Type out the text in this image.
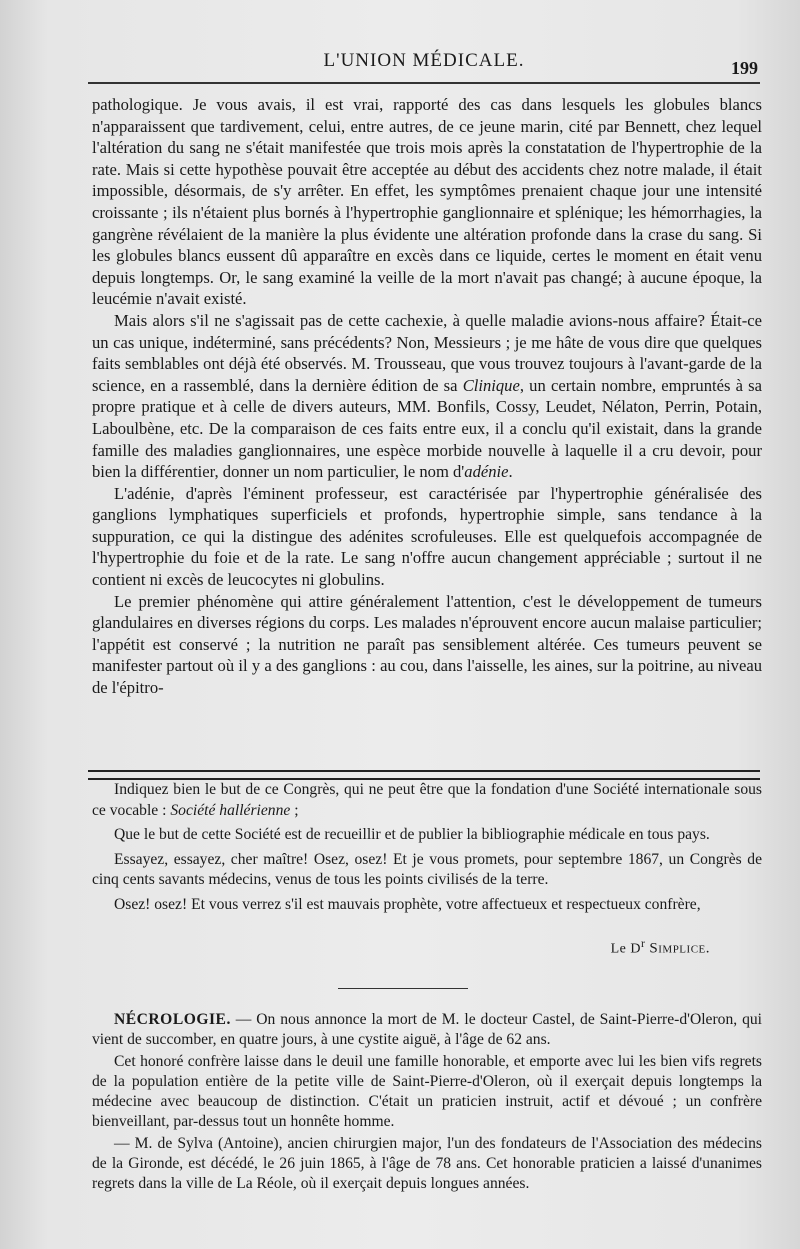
L'UNION MÉDICALE.	199

pathologique. Je vous avais, il est vrai, rapporté des cas dans lesquels les globules blancs n'apparaissent que tardivement, celui, entre autres, de ce jeune marin, cité par Bennett, chez lequel l'altération du sang ne s'était manifestée que trois mois après la constatation de l'hypertrophie de la rate. Mais si cette hypothèse pouvait être acceptée au début des accidents chez notre malade, il était impossible, désormais, de s'y arrêter. En effet, les symptômes prenaient chaque jour une intensité croissante ; ils n'étaient plus bornés à l'hypertrophie ganglionnaire et splénique; les hémorrhagies, la gangrène révélaient de la manière la plus évidente une altération profonde dans la crase du sang. Si les globules blancs eussent dû apparaître en excès dans ce liquide, certes le moment en était venu depuis longtemps. Or, le sang examiné la veille de la mort n'avait pas changé; à aucune époque, la leucémie n'avait existé.

Mais alors s'il ne s'agissait pas de cette cachexie, à quelle maladie avions-nous affaire? Était-ce un cas unique, indéterminé, sans précédents? Non, Messieurs ; je me hâte de vous dire que quelques faits semblables ont déjà été observés. M. Trousseau, que vous trouvez toujours à l'avant-garde de la science, en a rassemblé, dans la dernière édition de sa Clinique, un certain nombre, empruntés à sa propre pratique et à celle de divers auteurs, MM. Bonfils, Cossy, Leudet, Nélaton, Perrin, Potain, Laboulbène, etc. De la comparaison de ces faits entre eux, il a conclu qu'il existait, dans la grande famille des maladies ganglionnaires, une espèce morbide nouvelle à laquelle il a cru devoir, pour bien la différentier, donner un nom particulier, le nom d'adénie.

L'adénie, d'après l'éminent professeur, est caractérisée par l'hypertrophie généralisée des ganglions lymphatiques superficiels et profonds, hypertrophie simple, sans tendance à la suppuration, ce qui la distingue des adénites scrofuleuses. Elle est quelquefois accompagnée de l'hypertrophie du foie et de la rate. Le sang n'offre aucun changement appréciable ; surtout il ne contient ni excès de leucocytes ni globulins.

Le premier phénomène qui attire généralement l'attention, c'est le développement de tumeurs glandulaires en diverses régions du corps. Les malades n'éprouvent encore aucun malaise particulier; l'appétit est conservé ; la nutrition ne paraît pas sensiblement altérée. Ces tumeurs peuvent se manifester partout où il y a des ganglions : au cou, dans l'aisselle, les aines, sur la poitrine, au niveau de l'épitro-

Indiquez bien le but de ce Congrès, qui ne peut être que la fondation d'une Société internationale sous ce vocable : Société hallérienne ;

Que le but de cette Société est de recueillir et de publier la bibliographie médicale en tous pays.

Essayez, essayez, cher maître! Osez, osez! Et je vous promets, pour septembre 1867, un Congrès de cinq cents savants médecins, venus de tous les points civilisés de la terre.

Osez! osez! Et vous verrez s'il est mauvais prophète, votre affectueux et respectueux confrère,

Le $D^r$ Simplice.

NÉCROLOGIE. — On nous annonce la mort de M. le docteur Castel, de Saint-Pierre-d'Oleron, qui vient de succomber, en quatre jours, à une cystite aiguë, à l'âge de 62 ans.

Cet honoré confrère laisse dans le deuil une famille honorable, et emporte avec lui les bien vifs regrets de la population entière de la petite ville de Saint-Pierre-d'Oleron, où il exerçait depuis longtemps la médecine avec beaucoup de distinction. C'était un praticien instruit, actif et dévoué ; un confrère bienveillant, par-dessus tout un honnête homme.

— M. de Sylva (Antoine), ancien chirurgien major, l'un des fondateurs de l'Association des médecins de la Gironde, est décédé, le 26 juin 1865, à l'âge de 78 ans. Cet honorable praticien a laissé d'unanimes regrets dans la ville de La Réole, où il exerçait depuis longues années.
